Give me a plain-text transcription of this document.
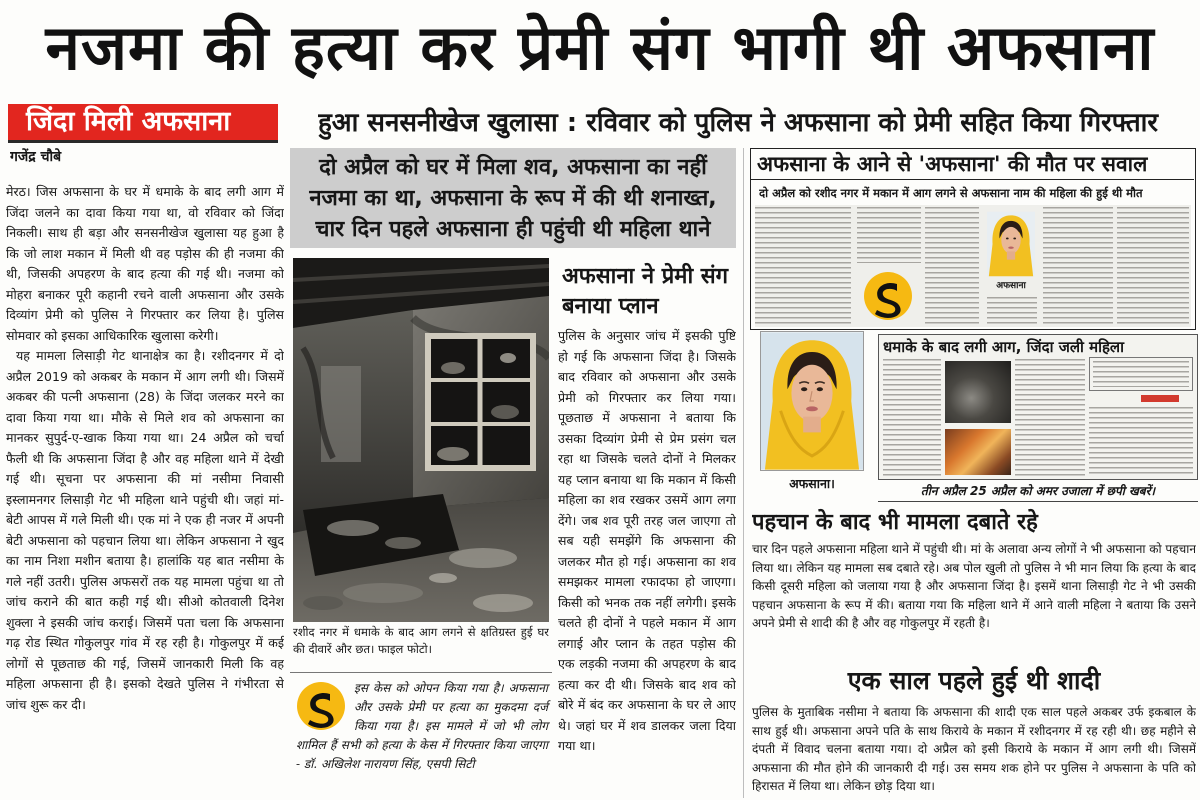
नजमा की हत्या कर प्रेमी संग भागी थी अफसाना
जिंदा मिली अफसाना
गजेंद्र चौबे

मेरठ। जिस अफसाना के घर में धमाके के बाद लगी आग में जिंदा जलने का दावा किया गया था, वो रविवार को जिंदा निकली। साथ ही बड़ा और सनसनीखेज खुलासा यह हुआ है कि जो लाश मकान में मिली थी वह पड़ोस की ही नजमा की थी, जिसकी अपहरण के बाद हत्या की गई थी। नजमा को मोहरा बनाकर पूरी कहानी रचने वाली अफसाना और उसके दिव्यांग प्रेमी को पुलिस ने गिरफ्तार कर लिया है। पुलिस सोमवार को इसका आधिकारिक खुलासा करेगी।

यह मामला लिसाड़ी गेट थानाक्षेत्र का है। रशीदनगर में दो अप्रैल 2019 को अकबर के मकान में आग लगी थी। जिसमें अकबर की पत्नी अफसाना (28) के जिंदा जलकर मरने का दावा किया गया था। मौके से मिले शव को अफसाना का मानकर सुपुर्द-ए-खाक किया गया था। 24 अप्रैल को चर्चा फैली थी कि अफसाना जिंदा है और वह महिला थाने में देखी गई थी। सूचना पर अफसाना की मां नसीमा निवासी इस्लामनगर लिसाड़ी गेट भी महिला थाने पहुंची थी। जहां मां-बेटी आपस में गले मिली थी। एक मां ने एक ही नजर में अपनी बेटी अफसाना को पहचान लिया था। लेकिन अफसाना ने खुद का नाम निशा मशीन बताया है। हालांकि यह बात नसीमा के गले नहीं उतरी। पुलिस अफसरों तक यह मामला पहुंचा था तो जांच कराने की बात कही गई थी। सीओ कोतवाली दिनेश शुक्ला ने इसकी जांच कराई। जिसमें पता चला कि अफसाना गढ़ रोड स्थित गोकुलपुर गांव में रह रही है। गोकुलपुर में कई लोगों से पूछताछ की गई, जिसमें जानकारी मिली कि वह महिला अफसाना ही है। इसको देखते पुलिस ने गंभीरता से जांच शुरू कर दी।

हुआ सनसनीखेज खुलासा : रविवार को पुलिस ने अफसाना को प्रेमी सहित किया गिरफ्तार
दो अप्रैल को घर में मिला शव, अफसाना का नहीं
नजमा का था, अफसाना के रूप में की थी शनाख्त,
चार दिन पहले अफसाना ही पहुंची थी महिला थाने
रशीद नगर में धमाके के बाद आग लगने से क्षतिग्रस्त हुई घर की दीवारें और छत। फाइल फोटो।
इस केस को ओपन किया गया है। अफसाना और उसके प्रेमी पर हत्या का मुकदमा दर्ज किया गया है। इस मामले में जो भी लोग शामिल हैं सभी को हत्या के केस में गिरफ्तार किया जाएगा - डॉ. अखिलेश नारायण सिंह, एसपी सिटी
अफसाना ने प्रेमी संग बनाया प्लान
पुलिस के अनुसार जांच में इसकी पुष्टि हो गई कि अफसाना जिंदा है। जिसके बाद रविवार को अफसाना और उसके प्रेमी को गिरफ्तार कर लिया गया। पूछताछ में अफसाना ने बताया कि उसका दिव्यांग प्रेमी से प्रेम प्रसंग चल रहा था जिसके चलते दोनों ने मिलकर यह प्लान बनाया था कि मकान में किसी महिला का शव रखकर उसमें आग लगा देंगे। जब शव पूरी तरह जल जाएगा तो सब यही समझेंगे कि अफसाना की जलकर मौत हो गई। अफसाना का शव समझकर मामला रफादफा हो जाएगा। किसी को भनक तक नहीं लगेगी। इसके चलते ही दोनों ने पहले मकान में आग लगाई और प्लान के तहत पड़ोस की एक लड़की नजमा की अपहरण के बाद हत्या कर दी थी। जिसके बाद शव को बोरे में बंद कर अफसाना के घर ले आए थे। जहां घर में शव डालकर जला दिया गया था।
अफसाना के आने से 'अफसाना' की मौत पर सवाल
दो अप्रैल को रशीद नगर में मकान में आग लगने से अफसाना नाम की महिला की हुई थी मौत
अफसाना
अफसाना।
धमाके के बाद लगी आग, जिंदा जली महिला
तीन अप्रैल 25 अप्रैल को अमर उजाला में छपी खबरें।
पहचान के बाद भी मामला दबाते रहे
चार दिन पहले अफसाना महिला थाने में पहुंची थी। मां के अलावा अन्य लोगों ने भी अफसाना को पहचान लिया था। लेकिन यह मामला सब दबाते रहे। अब पोल खुली तो पुलिस ने भी मान लिया कि हत्या के बाद किसी दूसरी महिला को जलाया गया है और अफसाना जिंदा है। इसमें थाना लिसाड़ी गेट ने भी उसकी पहचान अफसाना के रूप में की। बताया गया कि महिला थाने में आने वाली महिला ने बताया कि उसने अपने प्रेमी से शादी की है और वह गोकुलपुर में रहती है।
एक साल पहले हुई थी शादी
पुलिस के मुताबिक नसीमा ने बताया कि अफसाना की शादी एक साल पहले अकबर उर्फ इकबाल के साथ हुई थी। अफसाना अपने पति के साथ किराये के मकान में रशीदनगर में रह रही थी। छह महीने से दंपती में विवाद चलना बताया गया। दो अप्रैल को इसी किराये के मकान में आग लगी थी। जिसमें अफसाना की मौत होने की जानकारी दी गई। उस समय शक होने पर पुलिस ने अफसाना के पति को हिरासत में लिया था। लेकिन छोड़ दिया था।
